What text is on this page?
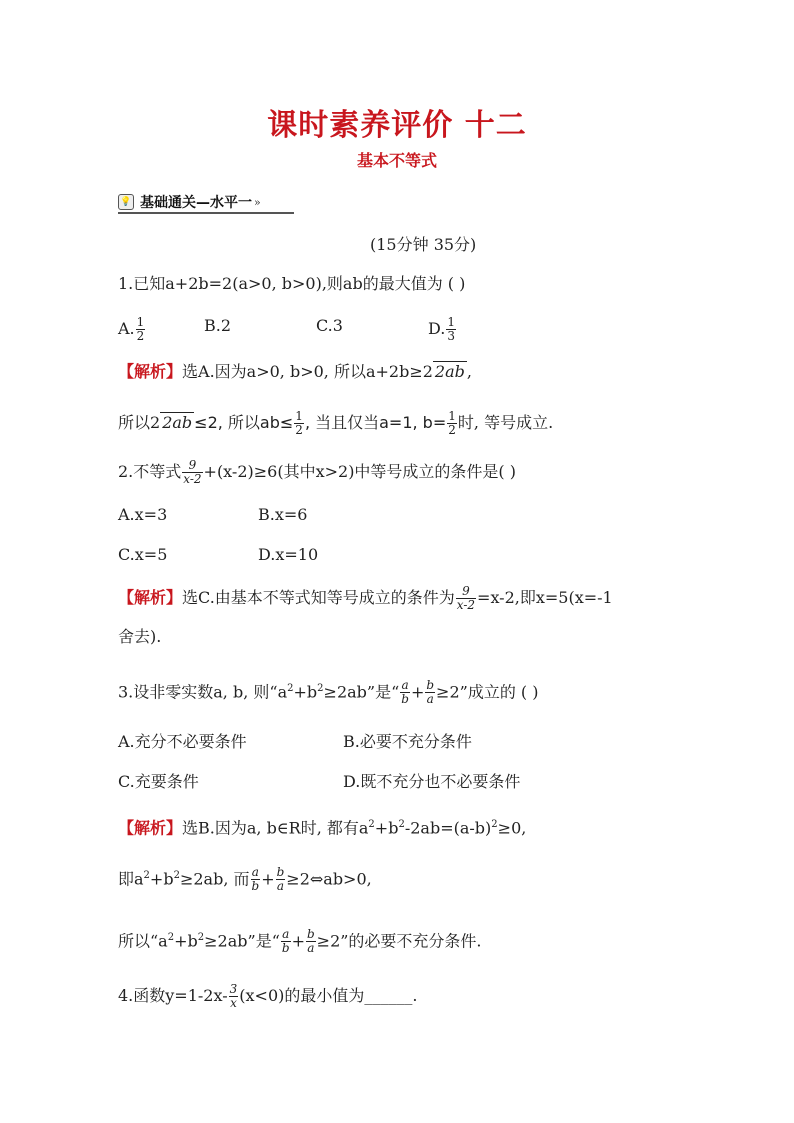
课时素养评价 十二
基本不等式
💡 基础通关—水平一 »
(15分钟 35分)
1.已知a+2b=2(a>0, b>0),则ab的最大值为 ( )
A. $\frac{1}{2}$	B.2	C.3	D. $\frac{1}{3}$
【解析】选A.因为a>0, b>0, 所以a+2b≥2 2ab ,
所以2 2ab ≤2, 所以$ab\le \frac{1}{2}$ , 当且仅当a=1, $b= \frac{1}{2}$ 时, 等号成立.
2.不等式 $\frac{9}{x-2} +(x-2)\ge 6$(其中x>2)中等号成立的条件是( )
A.x=3	B.x=6
C.x=5	D.x=10
【解析】选C.由基本不等式知等号成立的条件为 $\frac{9}{x-2} =x-2$,即x=5(x=-1
舍去).
3.设非零实数a, b, 则“$a^2+b^2\ge 2ab$”是“ $\frac{a}{b} + \frac{b}{a} \ge 2$”成立的 ( )
A.充分不必要条件	B.必要不充分条件
C.充要条件	D.既不充分也不必要条件
【解析】选B.因为a, b∈R时, 都有$a^2+b^2-2ab=(a-b)^2\ge 0$,
即$a^2+b^2\ge 2ab$, 而 $\frac{a}{b} + \frac{b}{a}$ ≥2⇔ab>0,
所以“$a^2+b^2\ge 2ab$”是“ $\frac{a}{b} + \frac{b}{a} \ge 2$”的必要不充分条件.
4.函数$y=1-2x- \frac{3}{x} (x<0)$的最小值为______.
